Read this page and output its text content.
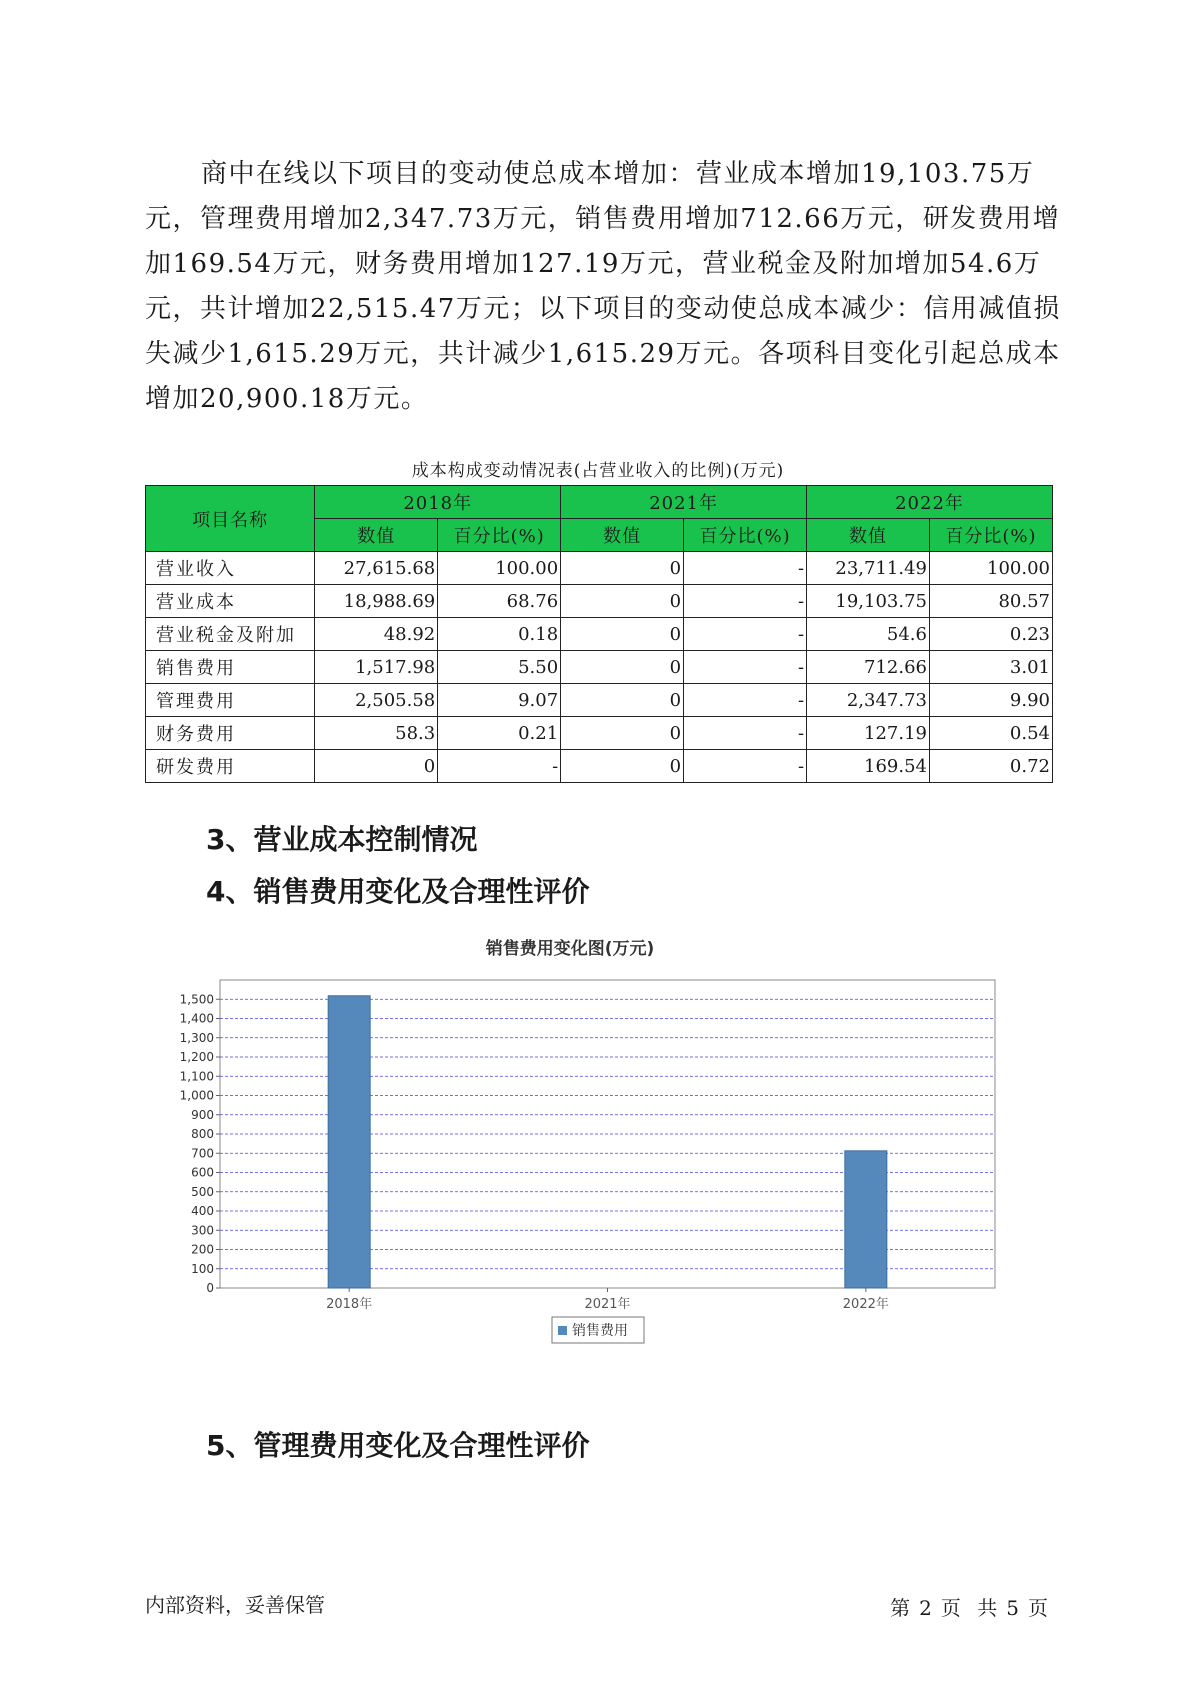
商中在线以下项目的变动使总成本增加：营业成本增加19,103.75万元，管理费用增加2,347.73万元，销售费用增加712.66万元，研发费用增加169.54万元，财务费用增加127.19万元，营业税金及附加增加54.6万元，共计增加22,515.47万元；以下项目的变动使总成本减少：信用减值损失减少1,615.29万元，共计减少1,615.29万元。各项科目变化引起总成本增加20,900.18万元。

成本构成变动情况表(占营业收入的比例)(万元)
项目名称	2018年		2021年		2022年	
	数值	百分比(%)	数值	百分比(%)	数值	百分比(%)
营业收入	27,615.68	100.00	0	-	23,711.49	100.00
营业成本	18,988.69	68.76	0	-	19,103.75	80.57
营业税金及附加	48.92	0.18	0	-	54.6	0.23
销售费用	1,517.98	5.50	0	-	712.66	3.01
管理费用	2,505.58	9.07	0	-	2,347.73	9.90
财务费用	58.3	0.21	0	-	127.19	0.54
研发费用	0	-	0	-	169.54	0.72
3、营业成本控制情况
4、销售费用变化及合理性评价
销售费用变化图(万元)
0
100
200
300
400
500
600
700
800
900
1,000
1,100
1,200
1,300
1,400
1,500
2018年	2021年	2022年
销售费用
5、管理费用变化及合理性评价
内部资料，妥善保管	第 2 页 共 5 页
